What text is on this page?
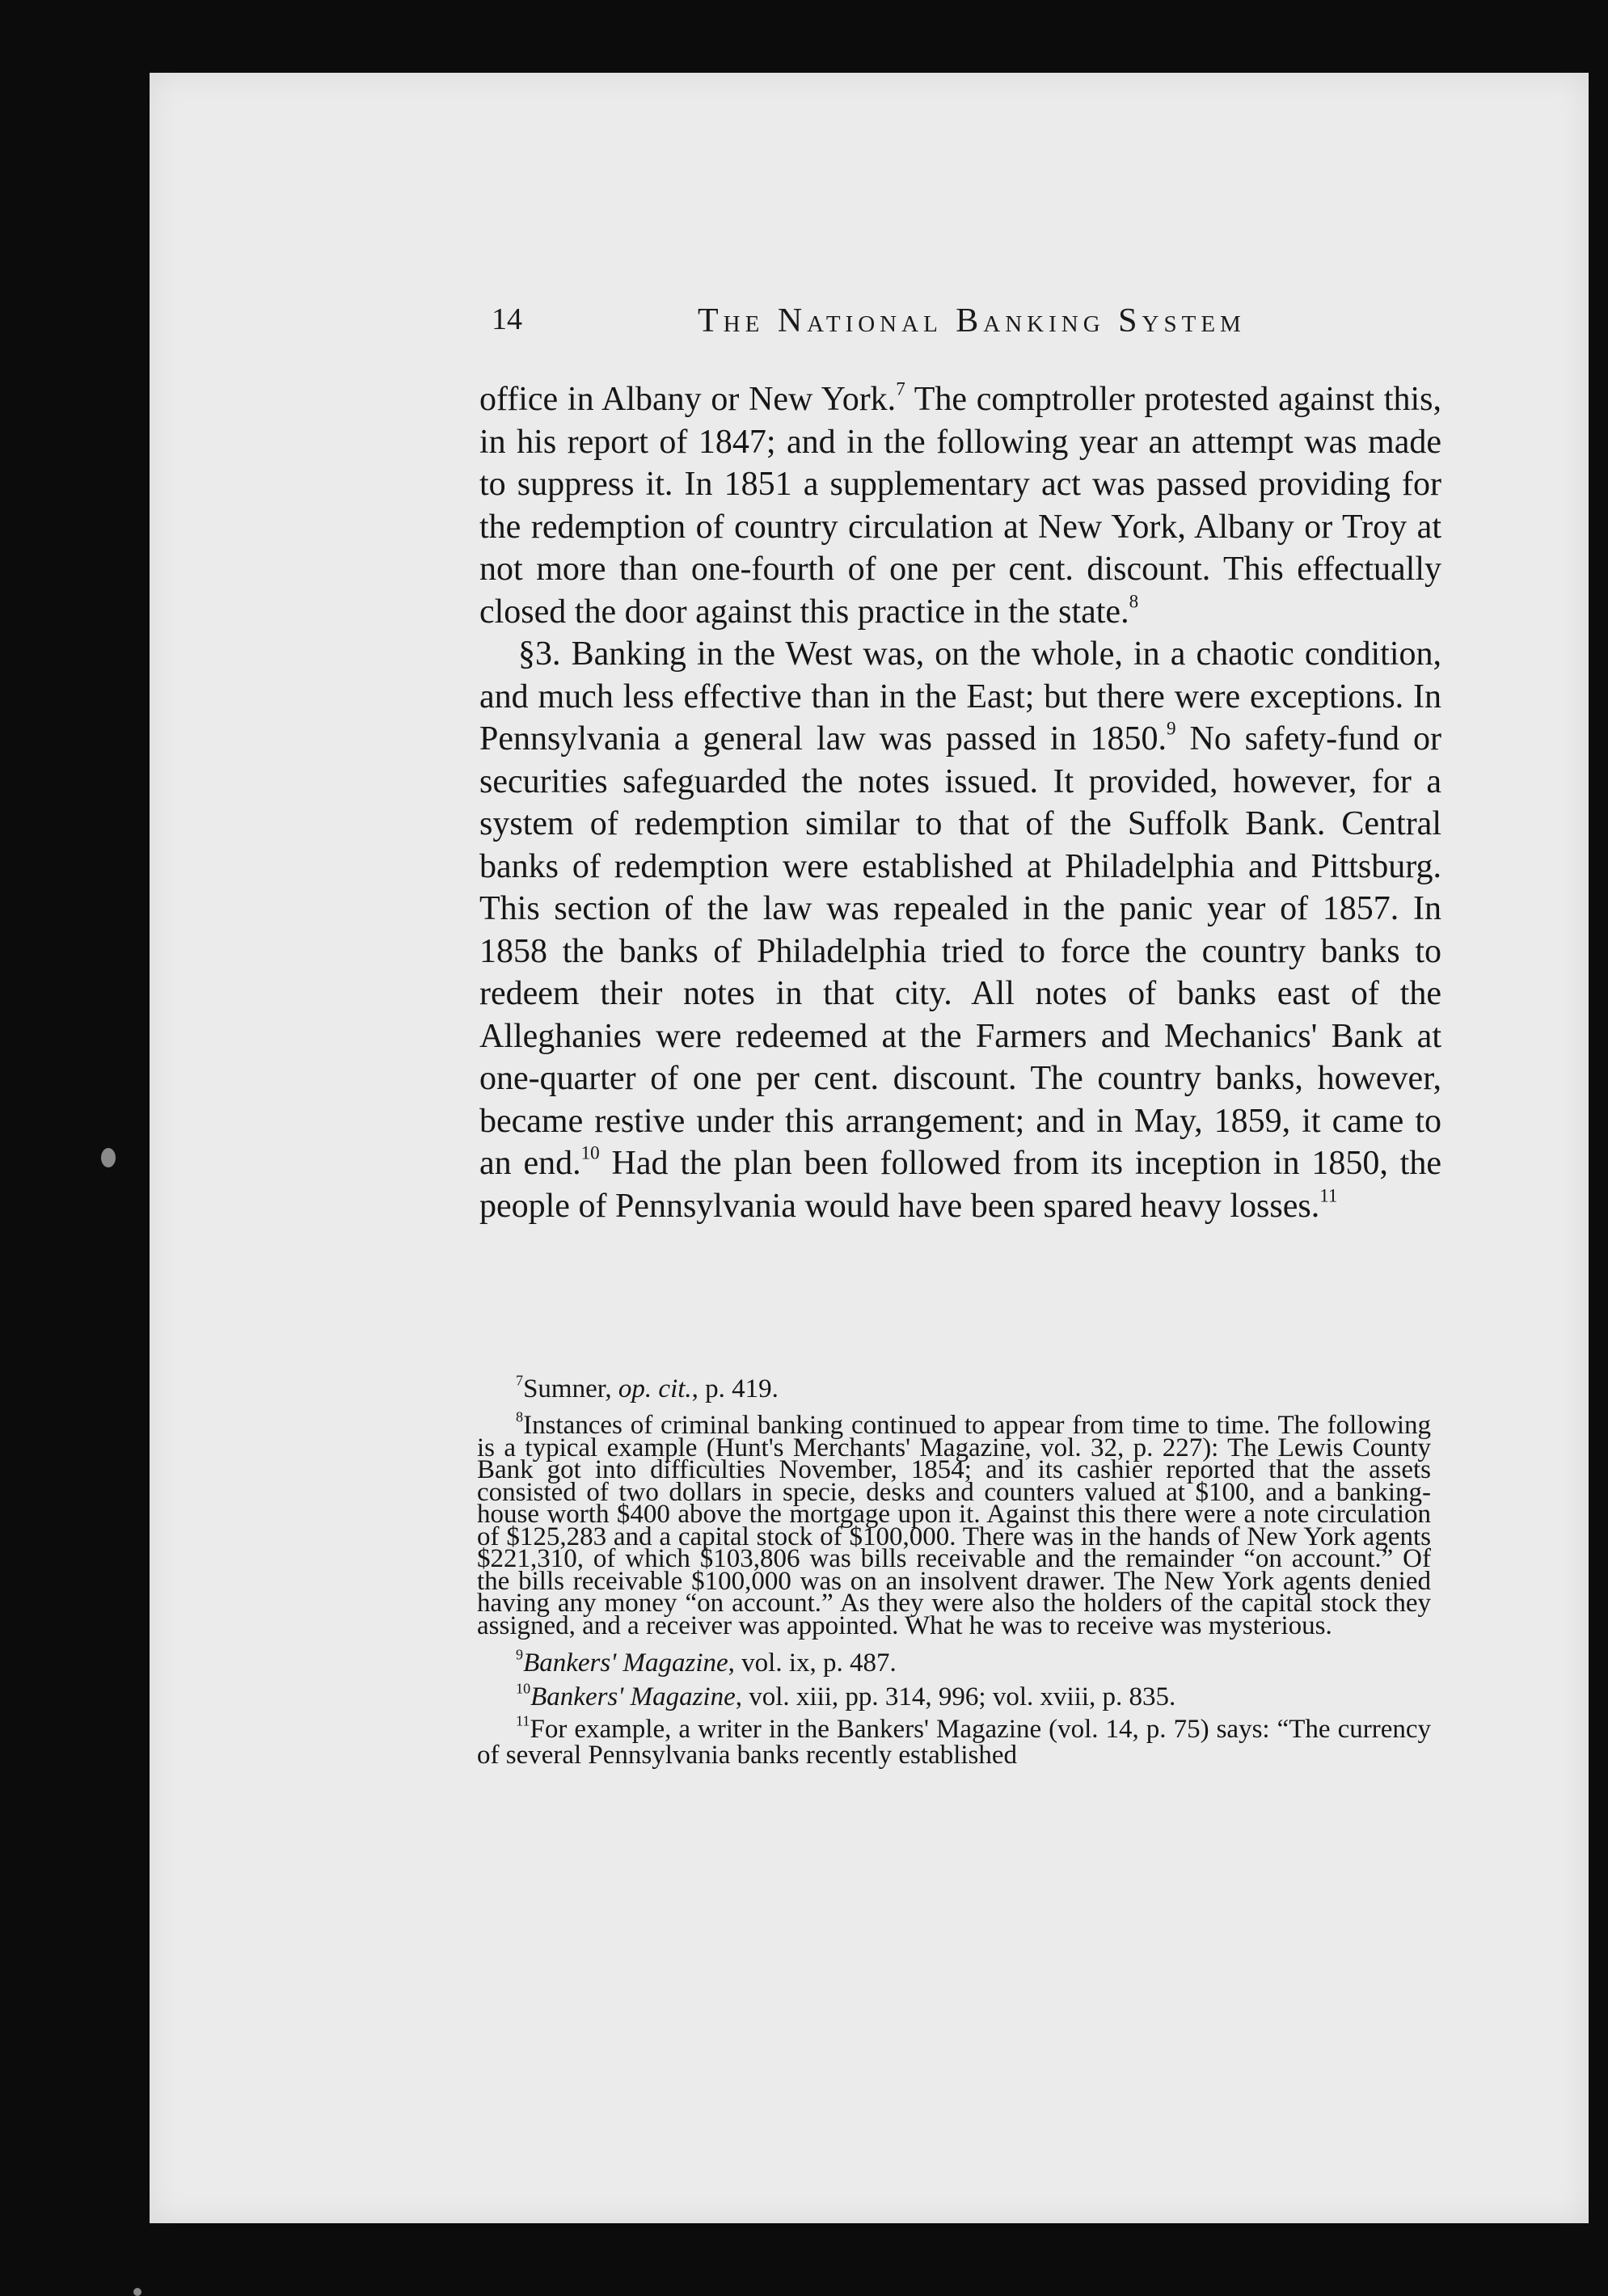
14	The National Banking System

office in Albany or New York.$^7$ The comptroller protested against this, in his report of 1847; and in the following year an attempt was made to suppress it. In 1851 a supplementary act was passed providing for the redemption of country circulation at New York, Albany or Troy at not more than one-fourth of one per cent. discount. This effectually closed the door against this practice in the state.$^8$

§3. Banking in the West was, on the whole, in a chaotic condition, and much less effective than in the East; but there were exceptions. In Pennsylvania a general law was passed in 1850.$^9$ No safety-fund or securities safeguarded the notes issued. It provided, however, for a system of redemption similar to that of the Suffolk Bank. Central banks of redemption were established at Philadelphia and Pittsburg. This section of the law was repealed in the panic year of 1857. In 1858 the banks of Philadelphia tried to force the country banks to redeem their notes in that city. All notes of banks east of the Alleghanies were redeemed at the Farmers and Mechanics' Bank at one-quarter of one per cent. discount. The country banks, however, became restive under this arrangement; and in May, 1859, it came to an end.$^{10}$ Had the plan been followed from its inception in 1850, the people of Pennsylvania would have been spared heavy losses.$^{11}$

$^7$Sumner, op. cit., p. 419.

$^8$Instances of criminal banking continued to appear from time to time. The following is a typical example (Hunt's Merchants' Magazine, vol. 32, p. 227): The Lewis County Bank got into difficulties November, 1854; and its cashier reported that the assets consisted of two dollars in specie, desks and counters valued at $100, and a banking-house worth $400 above the mortgage upon it. Against this there were a note circulation of $125,283 and a capital stock of $100,000. There was in the hands of New York agents $221,310, of which $103,806 was bills receivable and the remainder “on account.” Of the bills receivable $100,000 was on an insolvent drawer. The New York agents denied having any money “on account.” As they were also the holders of the capital stock they assigned, and a receiver was appointed. What he was to receive was mysterious.

$^9$Bankers' Magazine, vol. ix, p. 487.

$^{10}$Bankers' Magazine, vol. xiii, pp. 314, 996; vol. xviii, p. 835.

$^{11}$For example, a writer in the Bankers' Magazine (vol. 14, p. 75) says: “The currency of several Pennsylvania banks recently established
